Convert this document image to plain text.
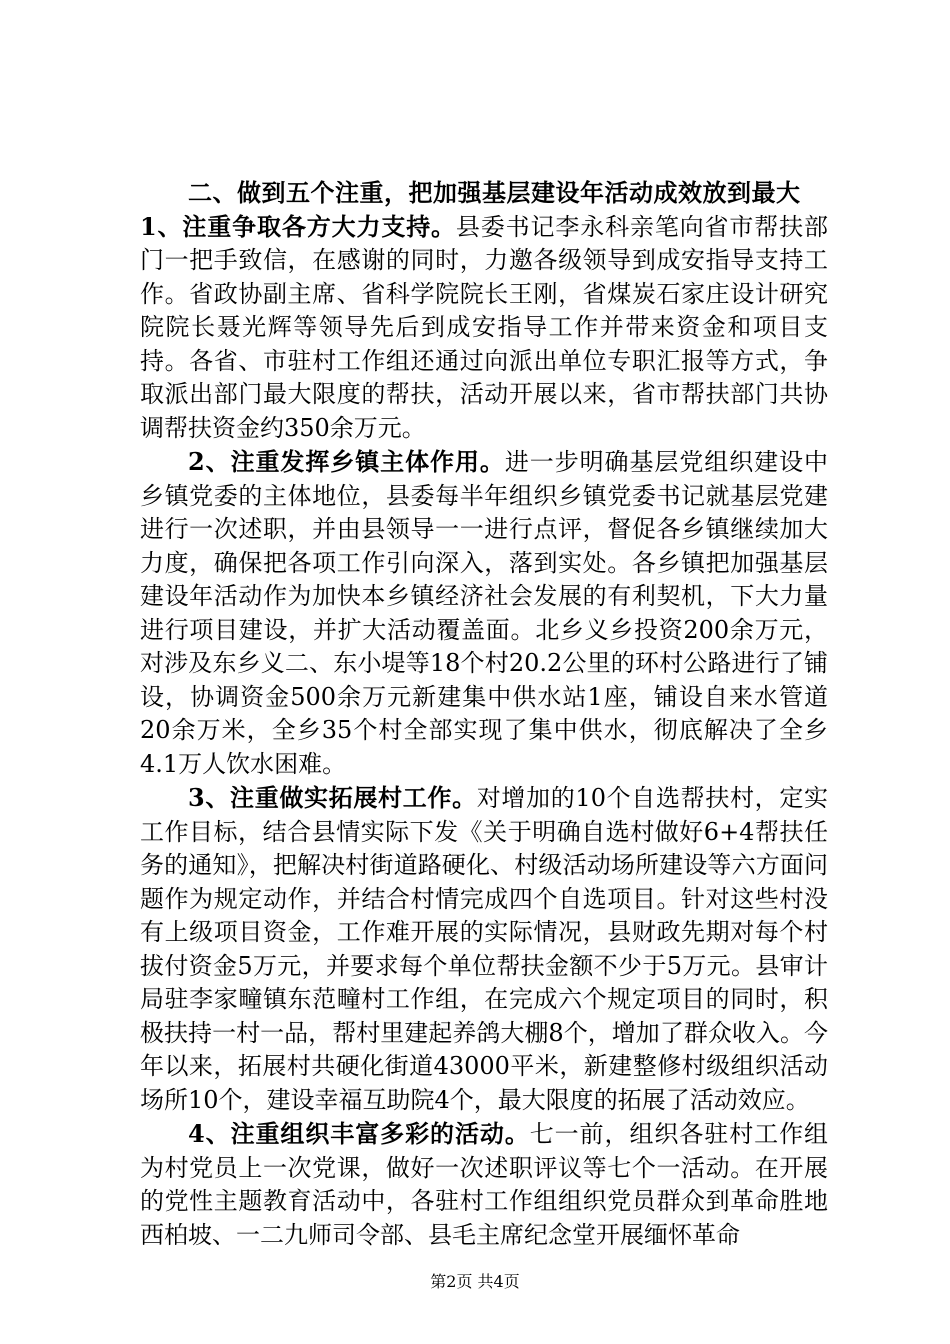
二、做到五个注重，把加强基层建设年活动成效放到最大

1、注重争取各方大力支持。县委书记李永科亲笔向省市帮扶部门一把手致信，在感谢的同时，力邀各级领导到成安指导支持工作。省政协副主席、省科学院院长王刚，省煤炭石家庄设计研究院院长聂光辉等领导先后到成安指导工作并带来资金和项目支持。各省、市驻村工作组还通过向派出单位专职汇报等方式，争取派出部门最大限度的帮扶，活动开展以来，省市帮扶部门共协调帮扶资金约350余万元。

2、注重发挥乡镇主体作用。进一步明确基层党组织建设中乡镇党委的主体地位，县委每半年组织乡镇党委书记就基层党建进行一次述职，并由县领导一一进行点评，督促各乡镇继续加大力度，确保把各项工作引向深入，落到实处。各乡镇把加强基层建设年活动作为加快本乡镇经济社会发展的有利契机，下大力量进行项目建设，并扩大活动覆盖面。北乡义乡投资200余万元，对涉及东乡义二、东小堤等18个村20.2公里的环村公路进行了铺设，协调资金500余万元新建集中供水站1座，铺设自来水管道20余万米，全乡35个村全部实现了集中供水，彻底解决了全乡4.1万人饮水困难。

3、注重做实拓展村工作。对增加的10个自选帮扶村，定实工作目标，结合县情实际下发《关于明确自选村做好6+4帮扶任务的通知》，把解决村街道路硬化、村级活动场所建设等六方面问题作为规定动作，并结合村情完成四个自选项目。针对这些村没有上级项目资金，工作难开展的实际情况，县财政先期对每个村拔付资金5万元，并要求每个单位帮扶金额不少于5万元。县审计局驻李家疃镇东范疃村工作组，在完成六个规定项目的同时，积极扶持一村一品，帮村里建起养鸽大棚8个，增加了群众收入。今年以来，拓展村共硬化街道43000平米，新建整修村级组织活动场所10个，建设幸福互助院4个，最大限度的拓展了活动效应。

4、注重组织丰富多彩的活动。七一前，组织各驻村工作组为村党员上一次党课，做好一次述职评议等七个一活动。在开展的党性主题教育活动中，各驻村工作组组织党员群众到革命胜地西柏坡、一二九师司令部、县毛主席纪念堂开展缅怀革命

第2页 共4页
